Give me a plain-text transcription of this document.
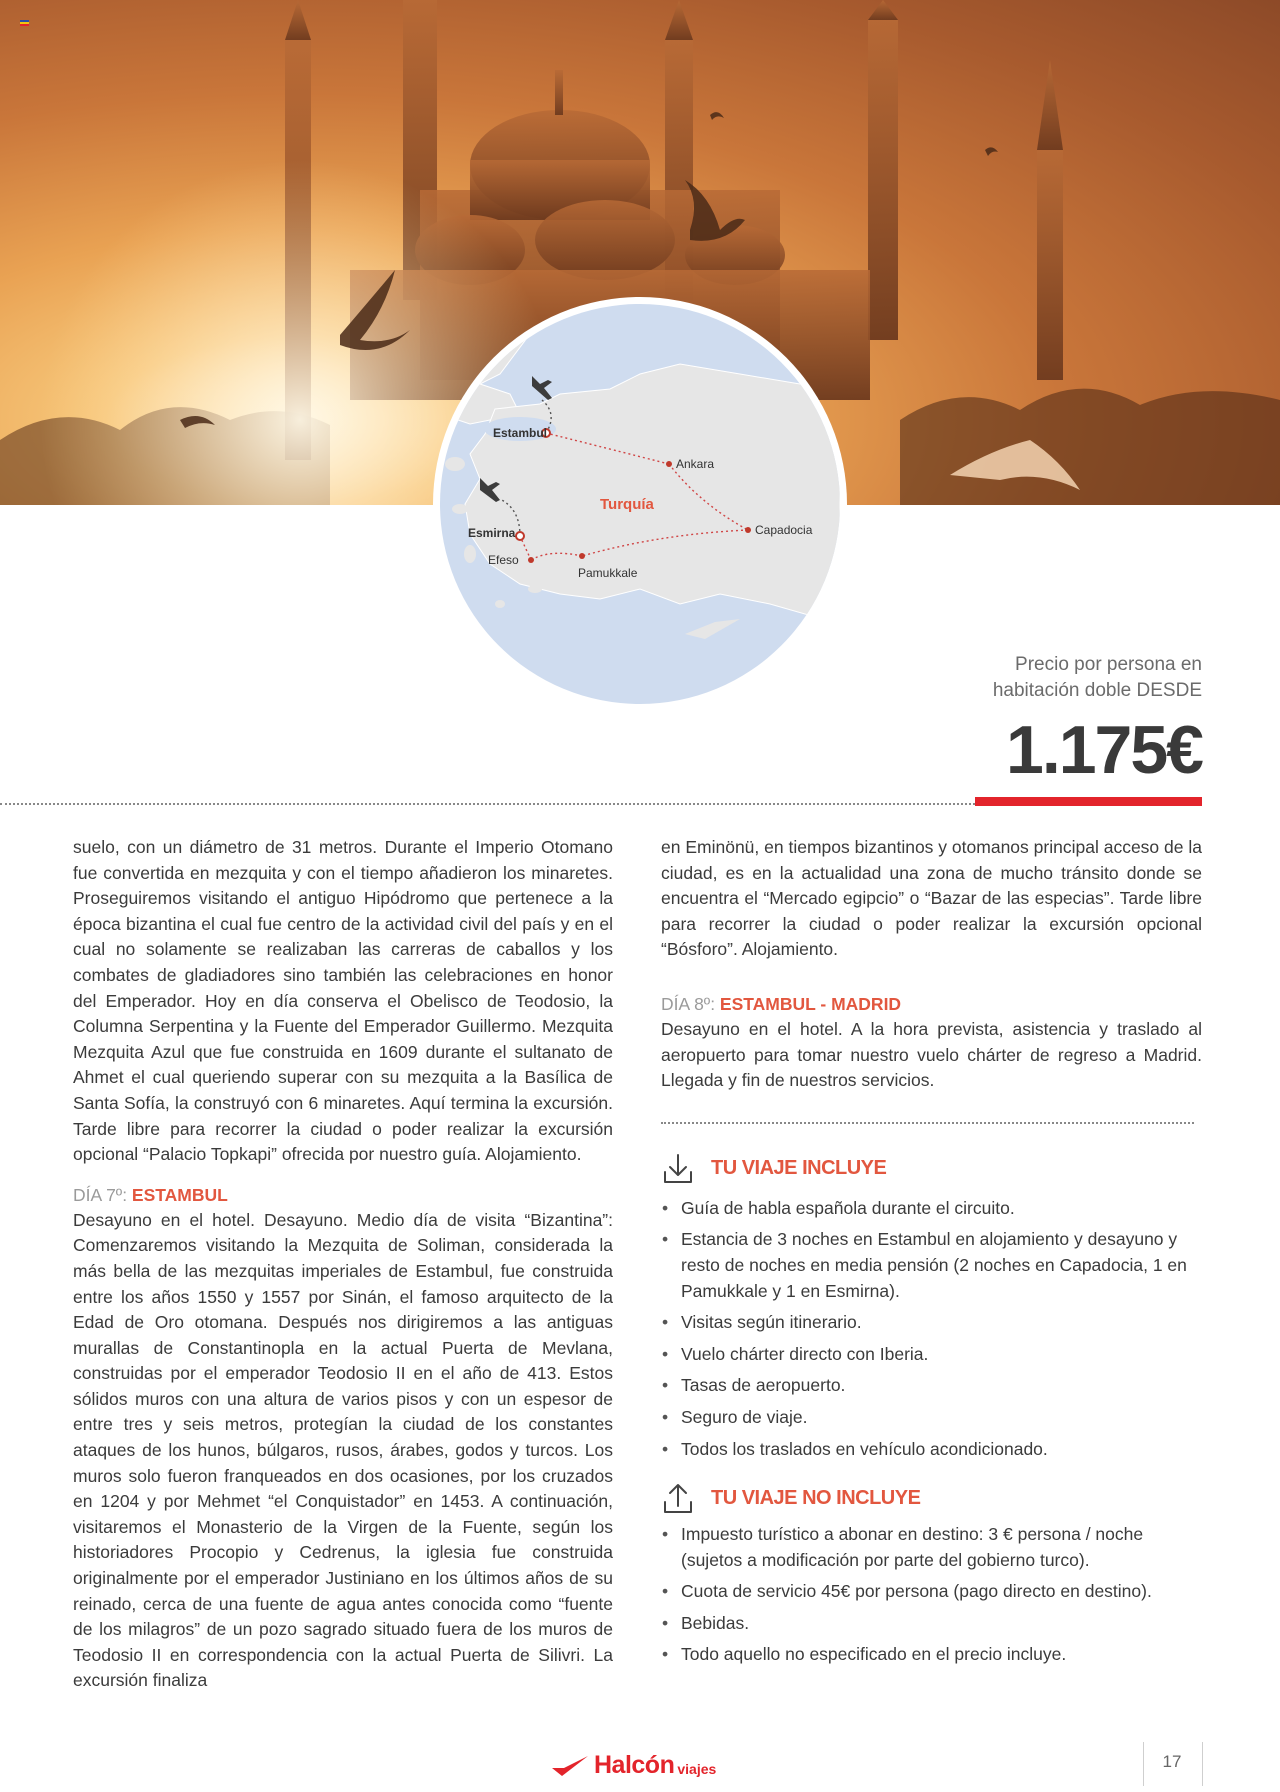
Estambul
Ankara
Capadocia
Esmirna
Efeso
Pamukkale
Turquía
Precio por persona en
habitación doble DESDE
1.175€

suelo, con un diámetro de 31 metros. Durante el Imperio Otomano fue convertida en mezquita y con el tiempo añadieron los minaretes. Proseguiremos visitando el antiguo Hipódromo que pertenece a la época bizantina el cual fue centro de la actividad civil del país y en el cual no solamente se realizaban las carreras de caballos y los combates de gladiadores sino también las celebraciones en honor del Emperador. Hoy en día conserva el Obelisco de Teodosio, la Columna Serpentina y la Fuente del Emperador Guillermo. Mezquita Mezquita Azul que fue construida en 1609 durante el sultanato de Ahmet el cual queriendo superar con su mezquita a la Basílica de Santa Sofía, la construyó con 6 minaretes. Aquí termina la excursión. Tarde libre para recorrer la ciudad o poder realizar la excursión opcional “Palacio Topkapi” ofrecida por nuestro guía. Alojamiento.

DÍA 7º: ESTAMBUL

Desayuno en el hotel. Desayuno. Medio día de visita “Bizantina”: Comenzaremos visitando la Mezquita de Soliman, considerada la más bella de las mezquitas imperiales de Estambul, fue construida entre los años 1550 y 1557 por Sinán, el famoso arquitecto de la Edad de Oro otomana. Después nos dirigiremos a las antiguas murallas de Constantinopla en la actual Puerta de Mevlana, construidas por el emperador Teodosio II en el año de 413. Estos sólidos muros con una altura de varios pisos y con un espesor de entre tres y seis metros, protegían la ciudad de los constantes ataques de los hunos, búlgaros, rusos, árabes, godos y turcos. Los muros solo fueron franqueados en dos ocasiones, por los cruzados en 1204 y por Mehmet “el Conquistador” en 1453. A continuación, visitaremos el Monasterio de la Virgen de la Fuente, según los historiadores Procopio y Cedrenus, la iglesia fue construida originalmente por el emperador Justiniano en los últimos años de su reinado, cerca de una fuente de agua antes conocida como “fuente de los milagros” de un pozo sagrado situado fuera de los muros de Teodosio II en correspondencia con la actual Puerta de Silivri. La excursión finaliza

en Eminönü, en tiempos bizantinos y otomanos principal acceso de la ciudad, es en la actualidad una zona de mucho tránsito donde se encuentra el “Mercado egipcio” o “Bazar de las especias”. Tarde libre para recorrer la ciudad o poder realizar la excursión opcional “Bósforo”. Alojamiento.

DÍA 8º: ESTAMBUL - MADRID

Desayuno en el hotel. A la hora prevista, asistencia y traslado al aeropuerto para tomar nuestro vuelo chárter de regreso a Madrid. Llegada y fin de nuestros servicios.

TU VIAJE INCLUYE
• Guía de habla española durante el circuito.
• Estancia de 3 noches en Estambul en alojamiento y desayuno y resto de noches en media pensión (2 noches en Capadocia, 1 en Pamukkale y 1 en Esmirna).
• Visitas según itinerario.
• Vuelo chárter directo con Iberia.
• Tasas de aeropuerto.
• Seguro de viaje.
• Todos los traslados en vehículo acondicionado.
TU VIAJE NO INCLUYE
• Impuesto turístico a abonar en destino: 3 € persona / noche (sujetos a modificación por parte del gobierno turco).
• Cuota de servicio 45€ por persona (pago directo en destino).
• Bebidas.
• Todo aquello no especificado en el precio incluye.
Halcón viajes	17
